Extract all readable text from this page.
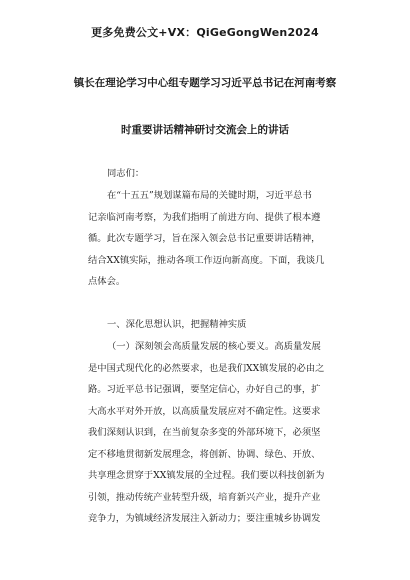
更多免费公文+VX：QiGeGongWen2024
镇长在理论学习中心组专题学习习近平总书记在河南考察
时重要讲话精神研讨交流会上的讲话
同志们：
在“十五五”规划谋篇布局的关键时期，习近平总书
记亲临河南考察，为我们指明了前进方向、提供了根本遵
循。此次专题学习，旨在深入领会总书记重要讲话精神，
结合XX镇实际，推动各项工作迈向新高度。下面，我谈几
点体会。
一、深化思想认识，把握精神实质
（一）深刻领会高质量发展的核心要义。高质量发展
是中国式现代化的必然要求，也是我们XX镇发展的必由之
路。习近平总书记强调，要坚定信心，办好自己的事，扩
大高水平对外开放，以高质量发展应对不确定性。这要求
我们深刻认识到，在当前复杂多变的外部环境下，必须坚
定不移地贯彻新发展理念，将创新、协调、绿色、开放、
共享理念贯穿于XX镇发展的全过程。我们要以科技创新为
引领，推动传统产业转型升级，培育新兴产业，提升产业
竞争力，为镇域经济发展注入新动力；要注重城乡协调发
